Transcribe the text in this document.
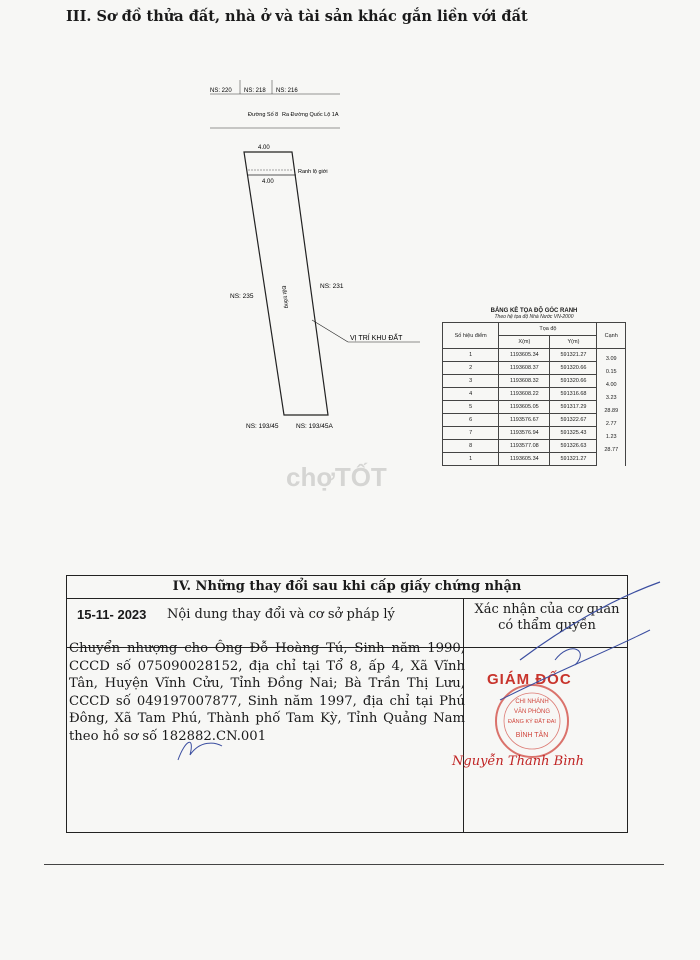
III. Sơ đồ thửa đất, nhà ở và tài sản khác gắn liền với đất
NS: 220 NS: 218 NS: 216
Đường Số 8 Ra Đường Quốc Lộ 1A
4.00
4.00
Ranh lộ giới
NS: 235
NS: 231
Đất trống
VỊ TRÍ KHU ĐẤT
NS: 193/45	NS: 193/45A
BẢNG KÊ TỌA ĐỘ GÓC RANH
Theo hệ tọa độ Nhà Nước VN-2000
Số hiệu điểm	Tọa độ		Cạnh
	X(m)	Y(m)	
1	1193605.34	591321.27	3.09
2	1193608.37	591320.66	0.15
3	1193608.32	591320.66	4.00
4	1193608.22	591316.68	3.23
5	1193605.05	591317.29	28.89
6	1193576.67	591322.67	2.77
7	1193576.94	591325.43	1.23
8	1193577.08	591326.63	28.77
1	1193605.34	591321.27	
chợTỐT
IV. Những thay đổi sau khi cấp giấy chứng nhận
15-11- 2023 Nội dung thay đổi và cơ sở pháp lý	Xác nhận của cơ quan có thẩm quyền
Chuyển nhượng cho Ông Đỗ Hoàng Tú, Sinh năm 1990, CCCD số 075090028152, địa chỉ tại Tổ 8, ấp 4, Xã Vĩnh Tân, Huyện Vĩnh Cửu, Tỉnh Đồng Nai; Bà Trần Thị Lưu, CCCD số 049197007877, Sinh năm 1997, địa chỉ tại Phú Đông, Xã Tam Phú, Thành phố Tam Kỳ, Tỉnh Quảng Nam theo hồ sơ số 182882.CN.001
CHI NHÁNH
VĂN PHÒNG
ĐĂNG KÝ ĐẤT ĐAI
BÌNH TÂN
GIÁM ĐỐC
Nguyễn Thanh Bình
